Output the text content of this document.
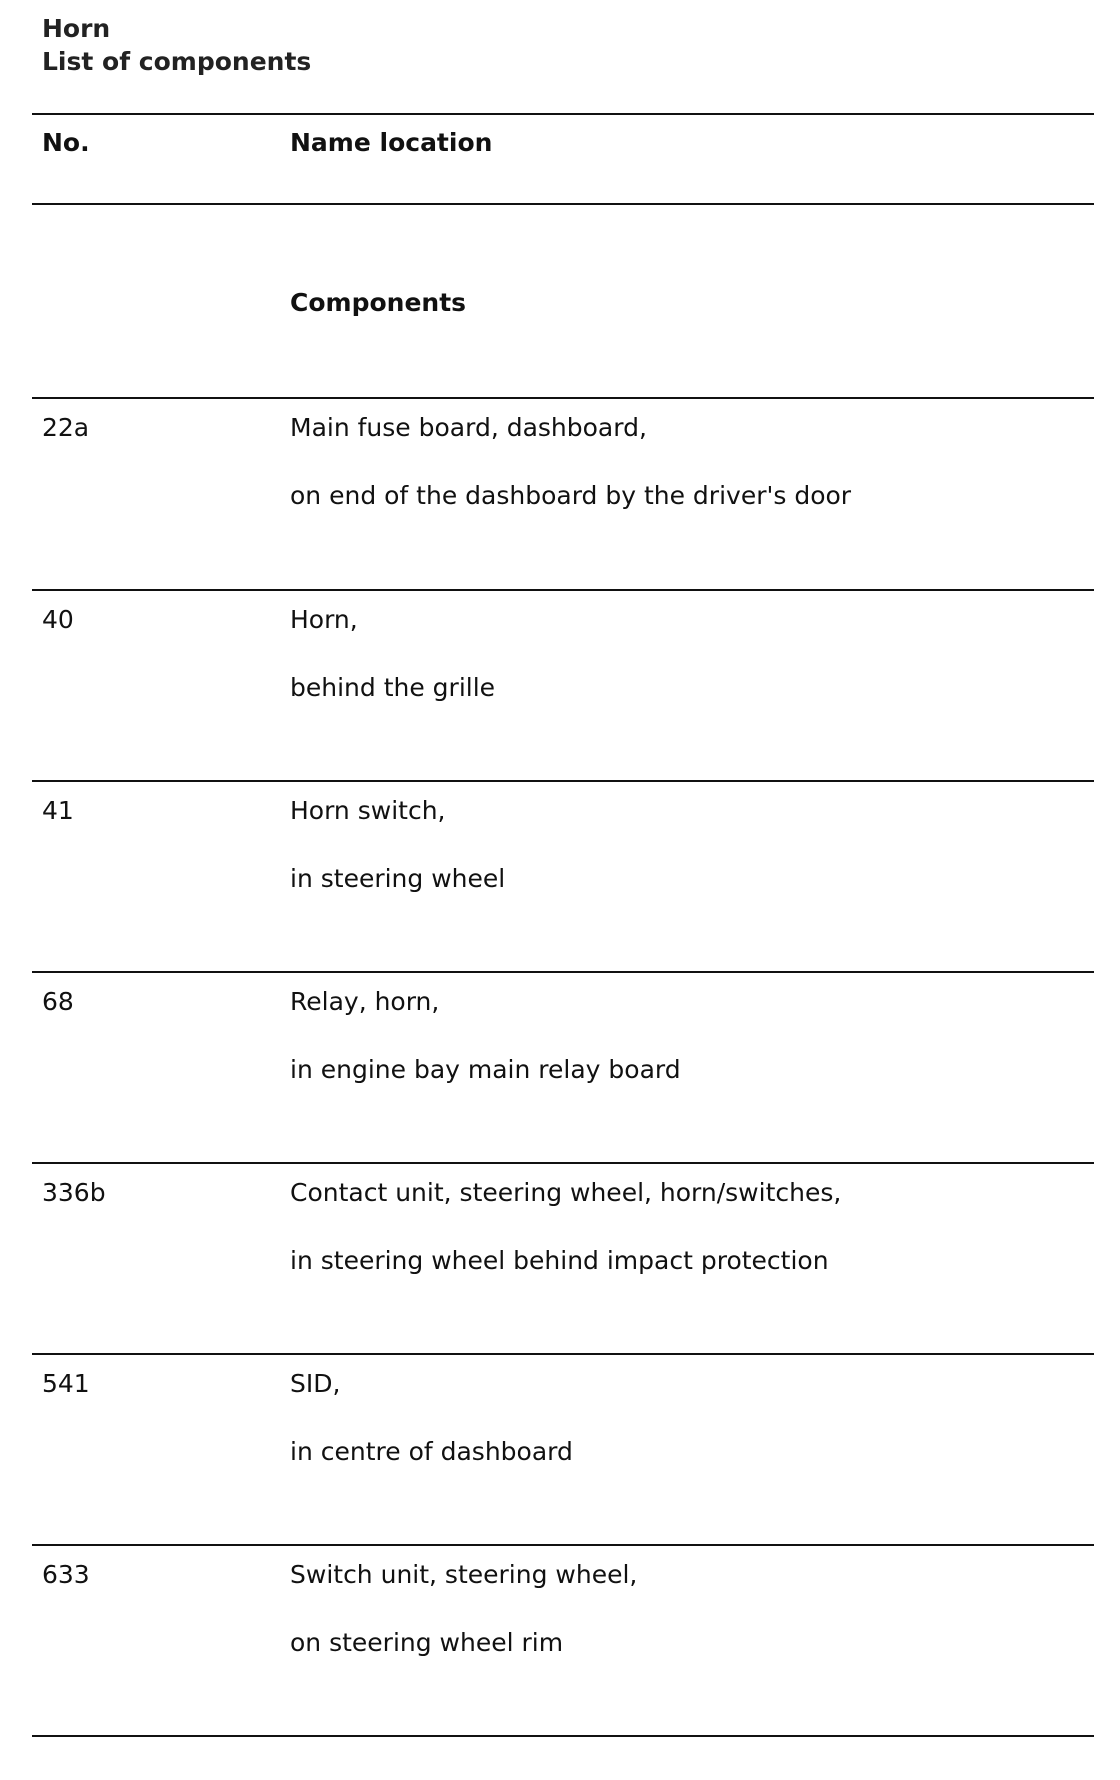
Horn
List of components
No.	Name location
Components
22a	Main fuse board, dashboard,
on end of the dashboard by the driver's door
40	Horn,
behind the grille
41	Horn switch,
in steering wheel
68	Relay, horn,
in engine bay main relay board
336b	Contact unit, steering wheel, horn/switches,
in steering wheel behind impact protection
541	SID,
in centre of dashboard
633	Switch unit, steering wheel,
on steering wheel rim
